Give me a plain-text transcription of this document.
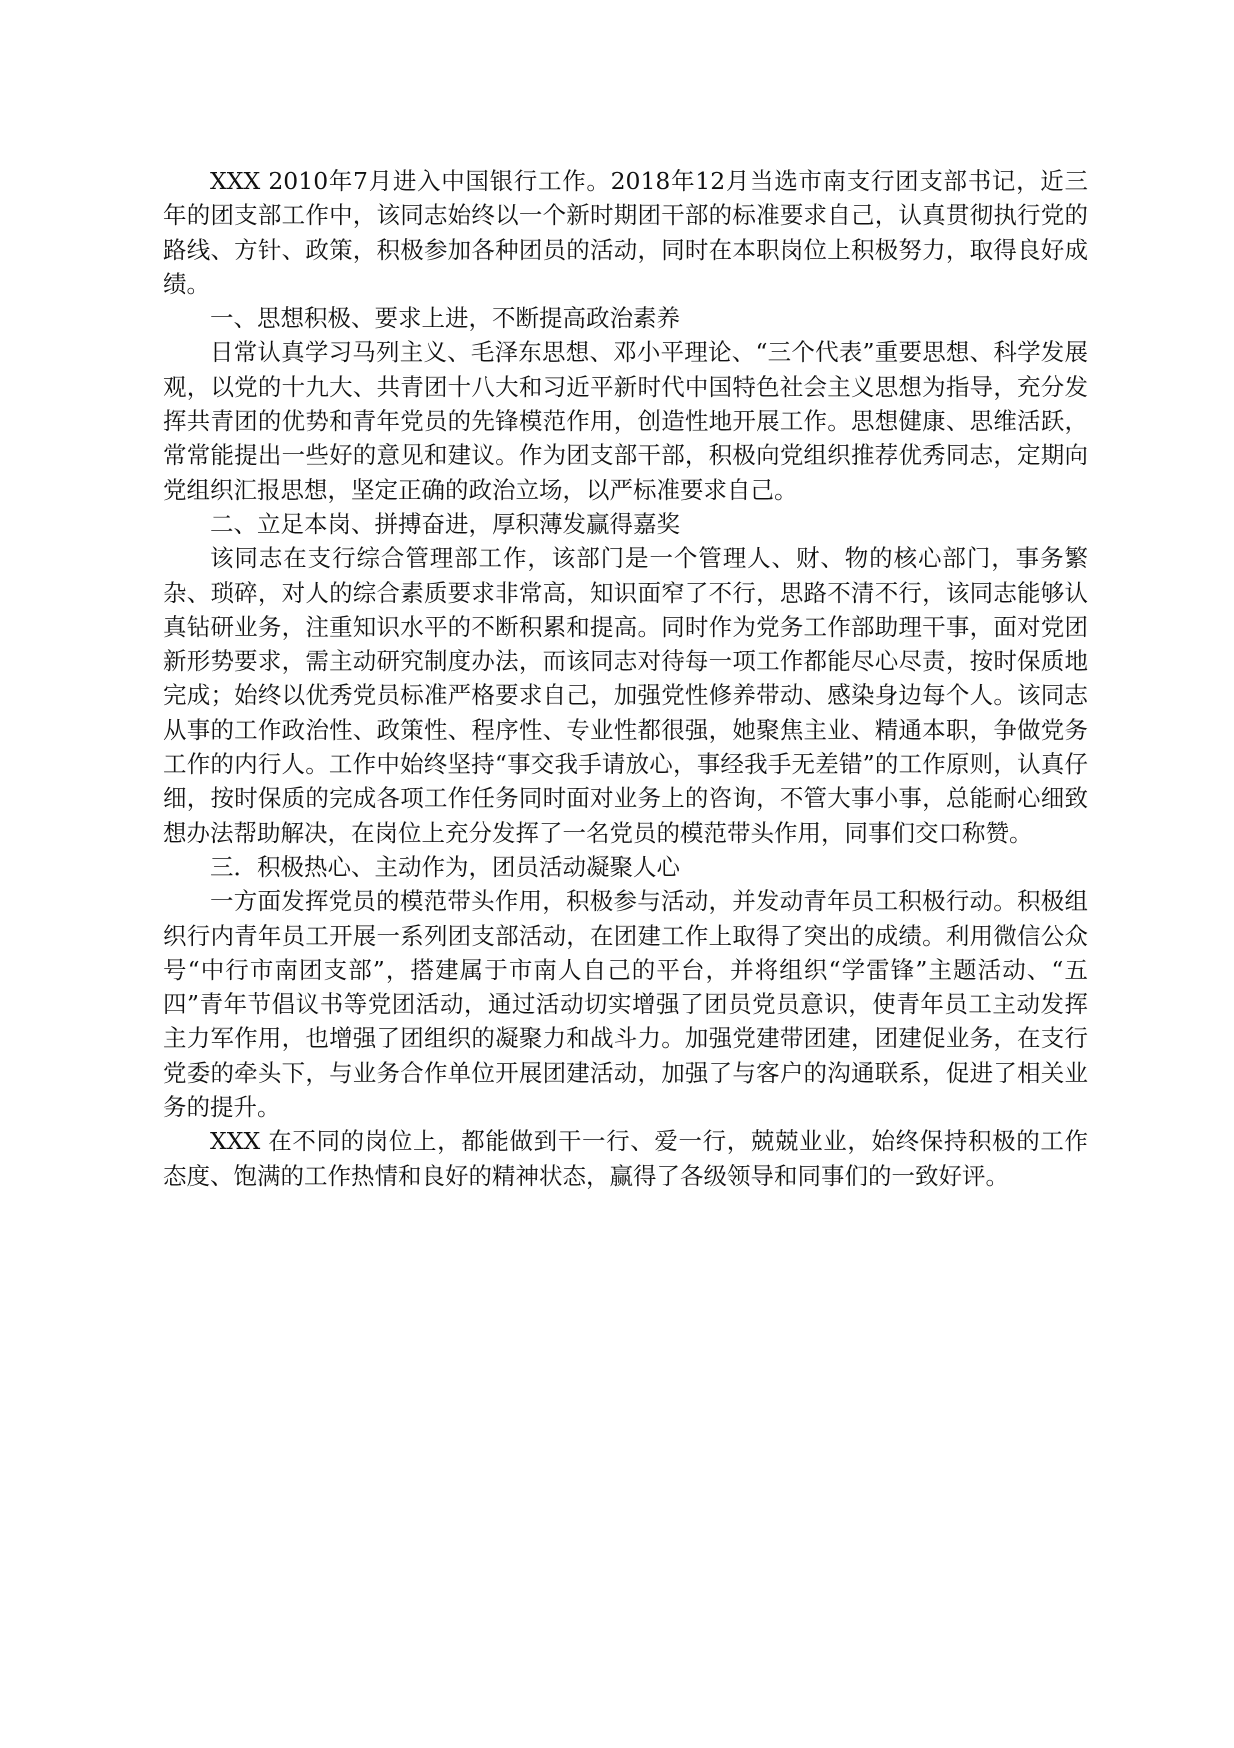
XXX 2010年7月进入中国银行工作。2018年12月当选市南支行团支部书记，近三年的团支部工作中，该同志始终以一个新时期团干部的标准要求自己，认真贯彻执行党的路线、方针、政策，积极参加各种团员的活动，同时在本职岗位上积极努力，取得良好成绩。

一、思想积极、要求上进，不断提高政治素养

日常认真学习马列主义、毛泽东思想、邓小平理论、“三个代表”重要思想、科学发展观，以党的十九大、共青团十八大和习近平新时代中国特色社会主义思想为指导，充分发挥共青团的优势和青年党员的先锋模范作用，创造性地开展工作。思想健康、思维活跃，常常能提出一些好的意见和建议。作为团支部干部，积极向党组织推荐优秀同志，定期向党组织汇报思想，坚定正确的政治立场，以严标准要求自己。

二、立足本岗、拼搏奋进，厚积薄发赢得嘉奖

该同志在支行综合管理部工作，该部门是一个管理人、财、物的核心部门，事务繁杂、琐碎，对人的综合素质要求非常高，知识面窄了不行，思路不清不行，该同志能够认真钻研业务，注重知识水平的不断积累和提高。同时作为党务工作部助理干事，面对党团新形势要求，需主动研究制度办法，而该同志对待每一项工作都能尽心尽责，按时保质地完成；始终以优秀党员标准严格要求自己，加强党性修养带动、感染身边每个人。该同志从事的工作政治性、政策性、程序性、专业性都很强，她聚焦主业、精通本职，争做党务工作的内行人。工作中始终坚持“事交我手请放心，事经我手无差错”的工作原则，认真仔细，按时保质的完成各项工作任务同时面对业务上的咨询，不管大事小事，总能耐心细致想办法帮助解决，在岗位上充分发挥了一名党员的模范带头作用，同事们交口称赞。

三．积极热心、主动作为，团员活动凝聚人心

一方面发挥党员的模范带头作用，积极参与活动，并发动青年员工积极行动。积极组织行内青年员工开展一系列团支部活动，在团建工作上取得了突出的成绩。利用微信公众号“中行市南团支部”，搭建属于市南人自己的平台，并将组织“学雷锋”主题活动、“五四”青年节倡议书等党团活动，通过活动切实增强了团员党员意识，使青年员工主动发挥主力军作用，也增强了团组织的凝聚力和战斗力。加强党建带团建，团建促业务，在支行党委的牵头下，与业务合作单位开展团建活动，加强了与客户的沟通联系，促进了相关业务的提升。

XXX 在不同的岗位上，都能做到干一行、爱一行，兢兢业业，始终保持积极的工作态度、饱满的工作热情和良好的精神状态，赢得了各级领导和同事们的一致好评。
